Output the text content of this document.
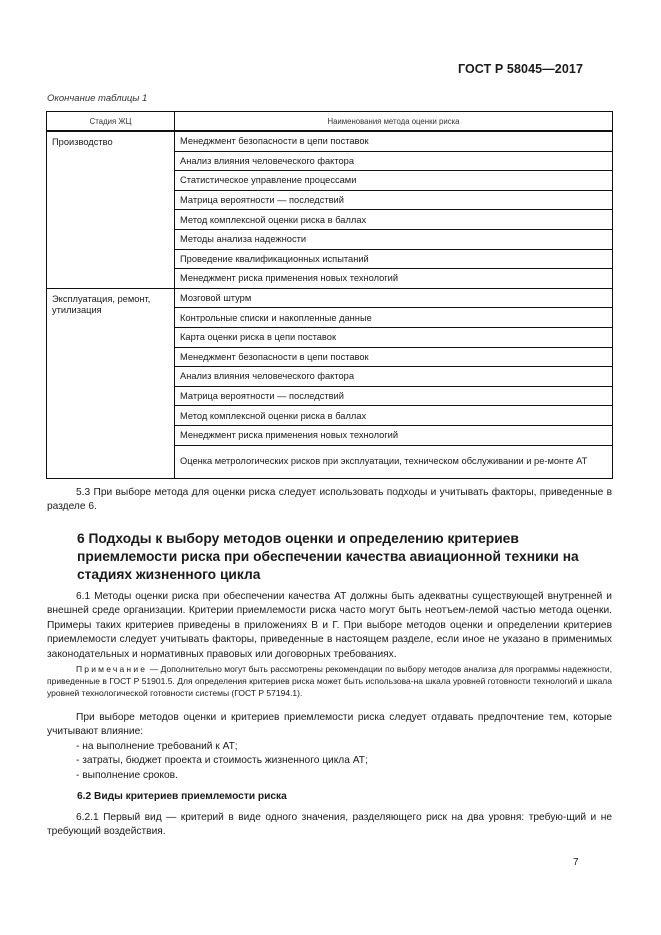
ГОСТ Р 58045—2017
Окончание таблицы 1
Стадия ЖЦ	Наименования метода оценки риска
Производство	Менеджмент безопасности в цепи поставок
	Анализ влияния человеческого фактора
	Статистическое управление процессами
	Матрица вероятности — последствий
	Метод комплексной оценки риска в баллах
	Методы анализа надежности
	Проведение квалификационных испытаний
	Менеджмент риска применения новых технологий
Эксплуатация, ремонт, утилизация	Мозговой штурм
	Контрольные списки и накопленные данные
	Карта оценки риска в цепи поставок
	Менеджмент безопасности в цепи поставок
	Анализ влияния человеческого фактора
	Матрица вероятности — последствий
	Метод комплексной оценки риска в баллах
	Менеджмент риска применения новых технологий
	Оценка метрологических рисков при эксплуатации, техническом обслуживании и ре-монте АТ

5.3 При выборе метода для оценки риска следует использовать подходы и учитывать факторы, приведенные в разделе 6.

6 Подходы к выбору методов оценки и определению критериев приемлемости риска при обеспечении качества авиационной техники на стадиях жизненного цикла

6.1 Методы оценки риска при обеспечении качества АТ должны быть адекватны существующей внутренней и внешней среде организации. Критерии приемлемости риска часто могут быть неотъем-лемой частью метода оценки. Примеры таких критериев приведены в приложениях В и Г. При выборе методов оценки и определении критериев приемлемости следует учитывать факторы, приведенные в настоящем разделе, если иное не указано в применимых законодательных и нормативных правовых или договорных требованиях.

Примечание — Дополнительно могут быть рассмотрены рекомендации по выбору методов анализа для программы надежности, приведенные в ГОСТ Р 51901.5. Для определения критериев риска может быть использова-на шкала уровней готовности технологий и шкала уровней технологической готовности системы (ГОСТ Р 57194.1).

При выборе методов оценки и критериев приемлемости риска следует отдавать предпочтение тем, которые учитывают влияние:

- на выполнение требований к АТ;
- затраты, бюджет проекта и стоимость жизненного цикла АТ;
- выполнение сроков.
6.2 Виды критериев приемлемости риска

6.2.1 Первый вид — критерий в виде одного значения, разделяющего риск на два уровня: требую-щий и не требующий воздействия.

7
